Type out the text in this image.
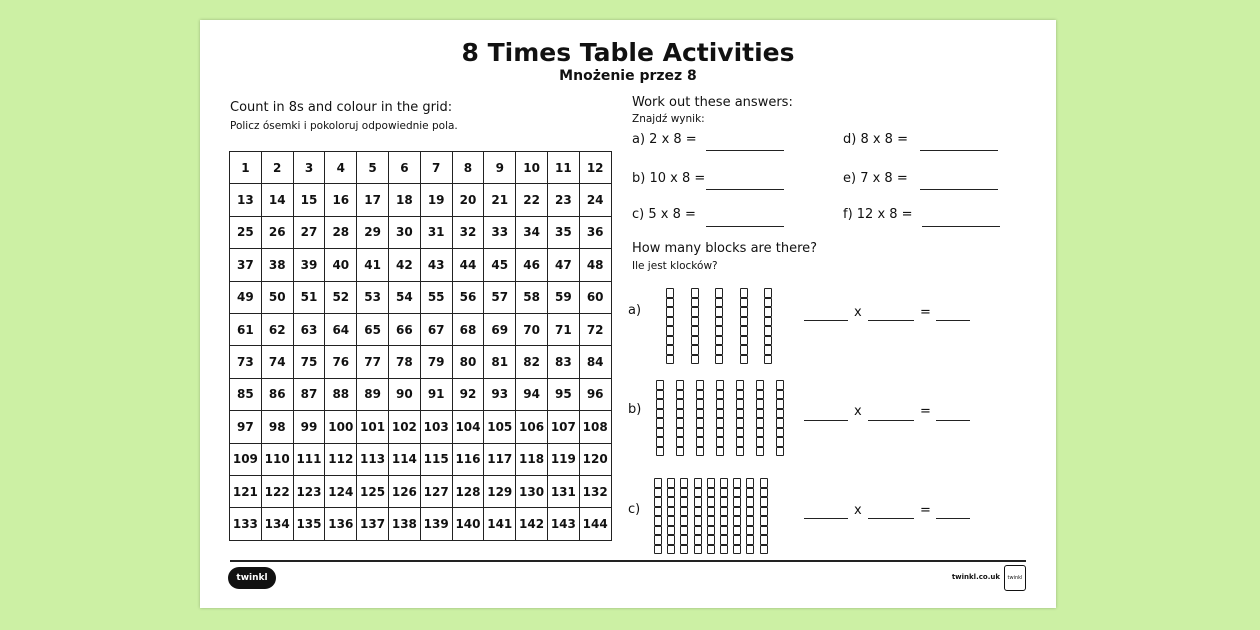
8 Times Table Activities
Mnożenie przez 8
Count in 8s and colour in the grid:
Policz ósemki i pokoloruj odpowiednie pola.
1	2	3	4	5	6	7	8	9	10	11	12
13	14	15	16	17	18	19	20	21	22	23	24
25	26	27	28	29	30	31	32	33	34	35	36
37	38	39	40	41	42	43	44	45	46	47	48
49	50	51	52	53	54	55	56	57	58	59	60
61	62	63	64	65	66	67	68	69	70	71	72
73	74	75	76	77	78	79	80	81	82	83	84
85	86	87	88	89	90	91	92	93	94	95	96
97	98	99	100	101	102	103	104	105	106	107	108
109	110	111	112	113	114	115	116	117	118	119	120
121	122	123	124	125	126	127	128	129	130	131	132
133	134	135	136	137	138	139	140	141	142	143	144
Work out these answers:
Znajdź wynik:
a) 2 x 8 =
b) 10 x 8 =
c) 5 x 8 =
d) 8 x 8 =
e) 7 x 8 =
f) 12 x 8 =
How many blocks are there?
Ile jest klocków?
a)
b)
c)
x	=
x	=
x	=
twinkl	twinkl.co.uk	twinkl
